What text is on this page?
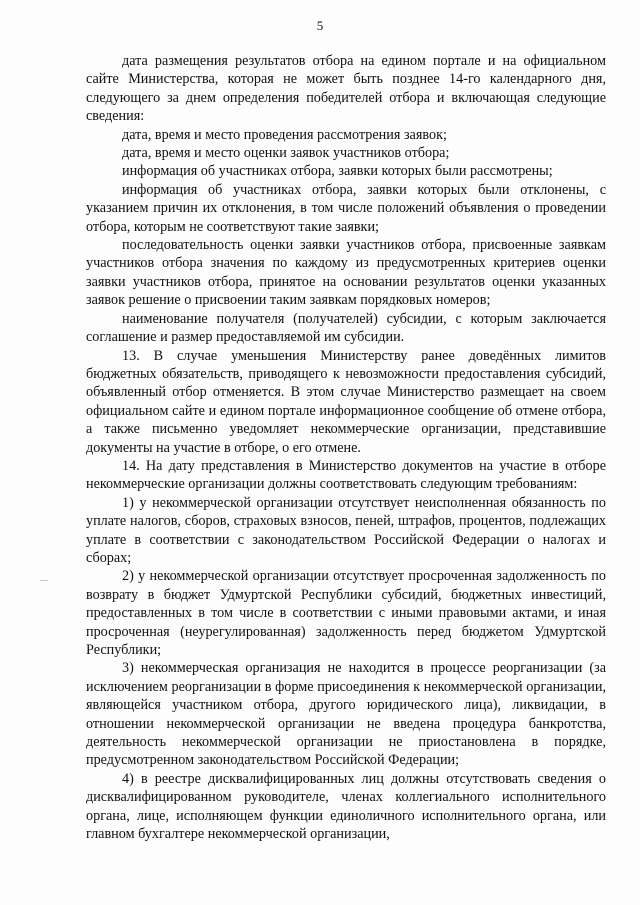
5

дата размещения результатов отбора на едином портале и на официальном сайте Министерства, которая не может быть позднее 14-го календарного дня, следующего за днем определения победителей отбора и включающая следующие сведения:

дата, время и место проведения рассмотрения заявок;

дата, время и место оценки заявок участников отбора;

информация об участниках отбора, заявки которых были рассмотрены;

информация об участниках отбора, заявки которых были отклонены, с указанием причин их отклонения, в том числе положений объявления о проведении отбора, которым не соответствуют такие заявки;

последовательность оценки заявки участников отбора, присвоенные заявкам участников отбора значения по каждому из предусмотренных критериев оценки заявки участников отбора, принятое на основании результатов оценки указанных заявок решение о присвоении таким заявкам порядковых номеров;

наименование получателя (получателей) субсидии, с которым заключается соглашение и размер предоставляемой им субсидии.

13. В случае уменьшения Министерству ранее доведённых лимитов бюджетных обязательств, приводящего к невозможности предоставления субсидий, объявленный отбор отменяется. В этом случае Министерство размещает на своем официальном сайте и едином портале информационное сообщение об отмене отбора, а также письменно уведомляет некоммерческие организации, представившие документы на участие в отборе, о его отмене.

14. На дату представления в Министерство документов на участие в отборе некоммерческие организации должны соответствовать следующим требованиям:

1) у некоммерческой организации отсутствует неисполненная обязанность по уплате налогов, сборов, страховых взносов, пеней, штрафов, процентов, подлежащих уплате в соответствии с законодательством Российской Федерации о налогах и сборах;

2) у некоммерческой организации отсутствует просроченная задолженность по возврату в бюджет Удмуртской Республики субсидий, бюджетных инвестиций, предоставленных в том числе в соответствии с иными правовыми актами, и иная просроченная (неурегулированная) задолженность перед бюджетом Удмуртской Республики;

3) некоммерческая организация не находится в процессе реорганизации (за исключением реорганизации в форме присоединения к некоммерческой организации, являющейся участником отбора, другого юридического лица), ликвидации, в отношении некоммерческой организации не введена процедура банкротства, деятельность некоммерческой организации не приостановлена в порядке, предусмотренном законодательством Российской Федерации;

4) в реестре дисквалифицированных лиц должны отсутствовать сведения о дисквалифицированном руководителе, членах коллегиального исполнительного органа, лице, исполняющем функции единоличного исполнительного органа, или главном бухгалтере некоммерческой организации,
